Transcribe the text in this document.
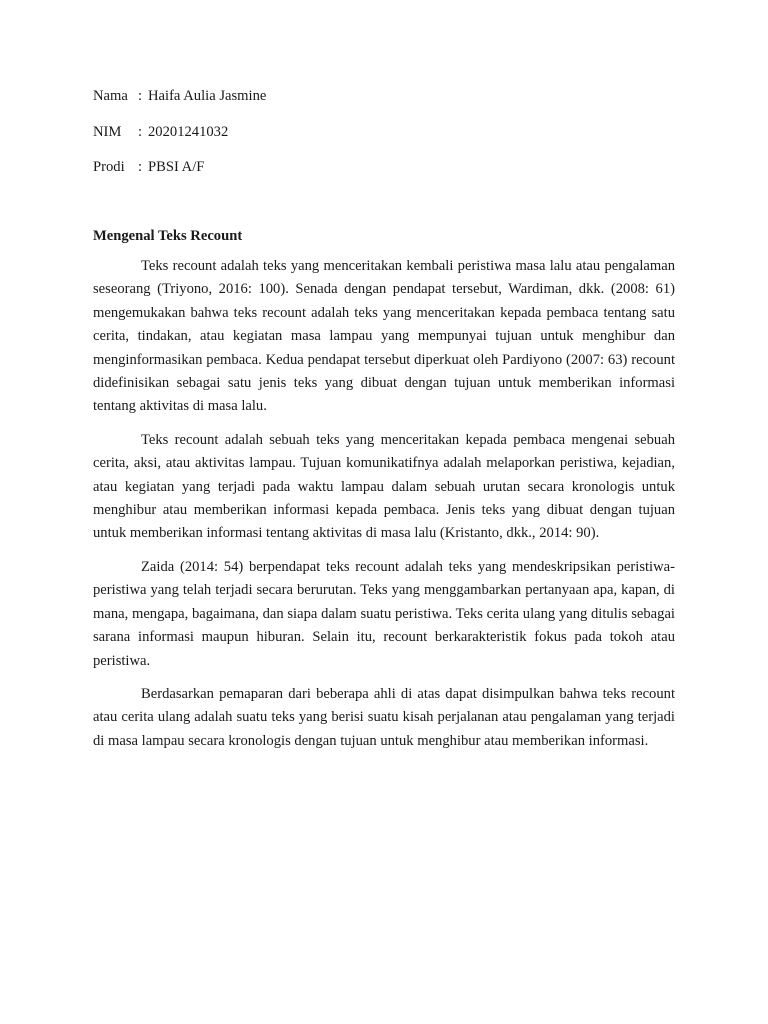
Nama : Haifa Aulia Jasmine
NIM : 20201241032
Prodi : PBSI A/F
Mengenal Teks Recount

Teks recount adalah teks yang menceritakan kembali peristiwa masa lalu atau pengalaman seseorang (Triyono, 2016: 100). Senada dengan pendapat tersebut, Wardiman, dkk. (2008: 61) mengemukakan bahwa teks recount adalah teks yang menceritakan kepada pembaca tentang satu cerita, tindakan, atau kegiatan masa lampau yang mempunyai tujuan untuk menghibur dan menginformasikan pembaca. Kedua pendapat tersebut diperkuat oleh Pardiyono (2007: 63) recount didefinisikan sebagai satu jenis teks yang dibuat dengan tujuan untuk memberikan informasi tentang aktivitas di masa lalu.

Teks recount adalah sebuah teks yang menceritakan kepada pembaca mengenai sebuah cerita, aksi, atau aktivitas lampau. Tujuan komunikatifnya adalah melaporkan peristiwa, kejadian, atau kegiatan yang terjadi pada waktu lampau dalam sebuah urutan secara kronologis untuk menghibur atau memberikan informasi kepada pembaca. Jenis teks yang dibuat dengan tujuan untuk memberikan informasi tentang aktivitas di masa lalu (Kristanto, dkk., 2014: 90).

Zaida (2014: 54) berpendapat teks recount adalah teks yang mendeskripsikan peristiwa-peristiwa yang telah terjadi secara berurutan. Teks yang menggambarkan pertanyaan apa, kapan, di mana, mengapa, bagaimana, dan siapa dalam suatu peristiwa. Teks cerita ulang yang ditulis sebagai sarana informasi maupun hiburan. Selain itu, recount berkarakteristik fokus pada tokoh atau peristiwa.

Berdasarkan pemaparan dari beberapa ahli di atas dapat disimpulkan bahwa teks recount atau cerita ulang adalah suatu teks yang berisi suatu kisah perjalanan atau pengalaman yang terjadi di masa lampau secara kronologis dengan tujuan untuk menghibur atau memberikan informasi.
